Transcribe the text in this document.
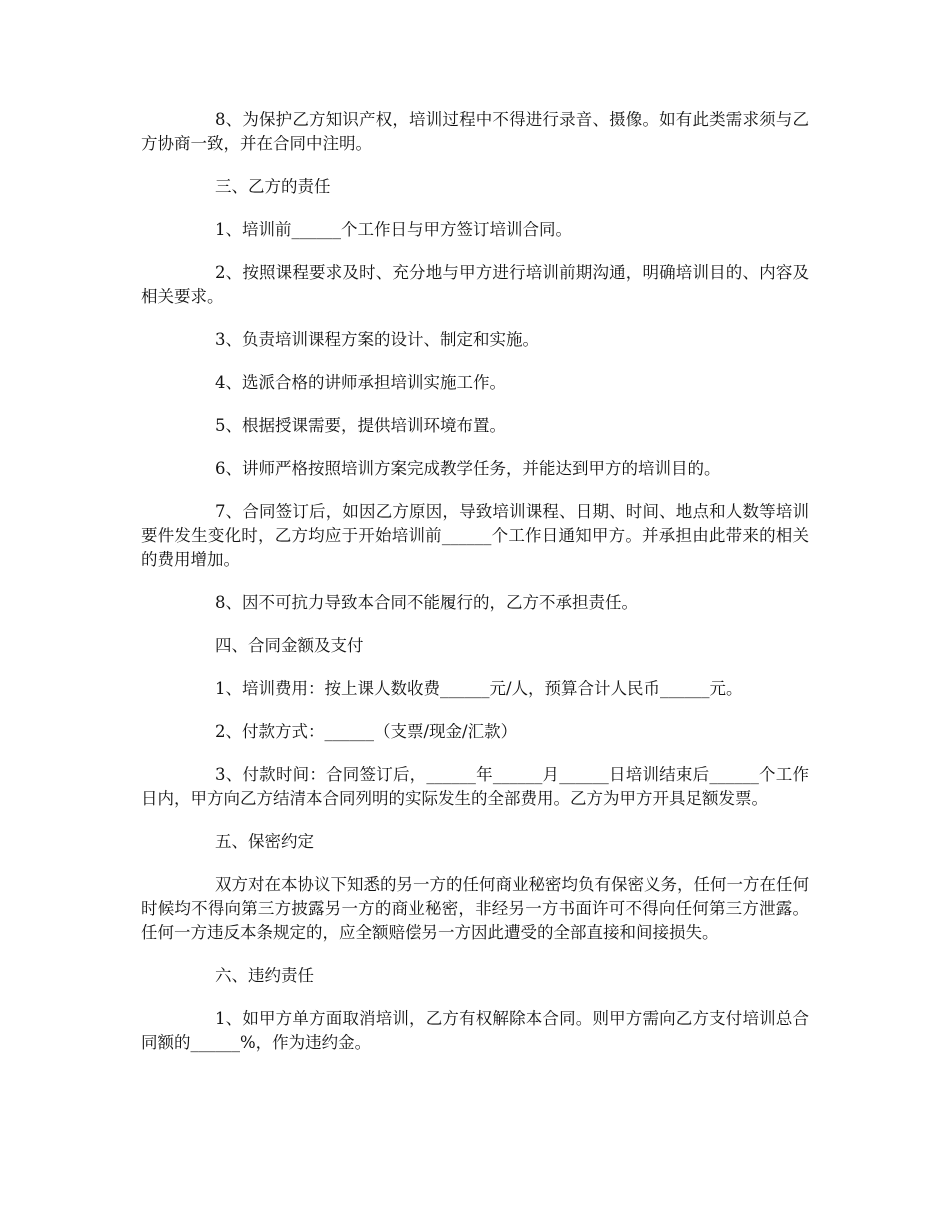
8、为保护乙方知识产权，培训过程中不得进行录音、摄像。如有此类需求须与乙方协商一致，并在合同中注明。

三、乙方的责任

1、培训前______个工作日与甲方签订培训合同。

2、按照课程要求及时、充分地与甲方进行培训前期沟通，明确培训目的、内容及相关要求。

3、负责培训课程方案的设计、制定和实施。

4、选派合格的讲师承担培训实施工作。

5、根据授课需要，提供培训环境布置。

6、讲师严格按照培训方案完成教学任务，并能达到甲方的培训目的。

7、合同签订后，如因乙方原因，导致培训课程、日期、时间、地点和人数等培训要件发生变化时，乙方均应于开始培训前______个工作日通知甲方。并承担由此带来的相关的费用增加。

8、因不可抗力导致本合同不能履行的，乙方不承担责任。

四、合同金额及支付

1、培训费用：按上课人数收费______元/人，预算合计人民币______元。

2、付款方式：______（支票/现金/汇款）

3、付款时间：合同签订后，______年______月______日培训结束后______个工作日内，甲方向乙方结清本合同列明的实际发生的全部费用。乙方为甲方开具足额发票。

五、保密约定

双方对在本协议下知悉的另一方的任何商业秘密均负有保密义务，任何一方在任何时候均不得向第三方披露另一方的商业秘密，非经另一方书面许可不得向任何第三方泄露。任何一方违反本条规定的，应全额赔偿另一方因此遭受的全部直接和间接损失。

六、违约责任

1、如甲方单方面取消培训，乙方有权解除本合同。则甲方需向乙方支付培训总合同额的______%，作为违约金。
